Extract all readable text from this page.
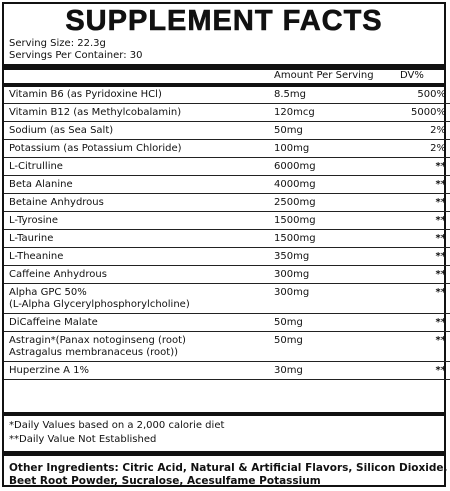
SUPPLEMENT FACTS
Serving Size: 22.3g
Servings Per Container: 30
Amount Per Serving	DV%
Vitamin B6 (as Pyridoxine HCl)	8.5mg	500%

Vitamin B12 (as Methylcobalamin)	120mcg	5000%

Sodium (as Sea Salt)	50mg	2%

Potassium (as Potassium Chloride)	100mg	2%

L-Citrulline	6000mg	**

Beta Alanine	4000mg	**

Betaine Anhydrous	2500mg	**

L-Tyrosine	1500mg	**

L-Taurine	1500mg	**

L-Theanine	350mg	**

Caffeine Anhydrous	300mg	**

Alpha GPC 50%
(L-Alpha Glycerylphosphorylcholine)	300mg	**

DiCaffeine Malate	50mg	**

Astragin*(Panax notoginseng (root)
Astragalus membranaceus (root))	50mg	**

Huperzine A 1%	30mg	**
*Daily Values based on a 2,000 calorie diet
**Daily Value Not Established
Other Ingredients: Citric Acid, Natural & Artificial Flavors, Silicon Dioxide,
Beet Root Powder, Sucralose, Acesulfame Potassium
